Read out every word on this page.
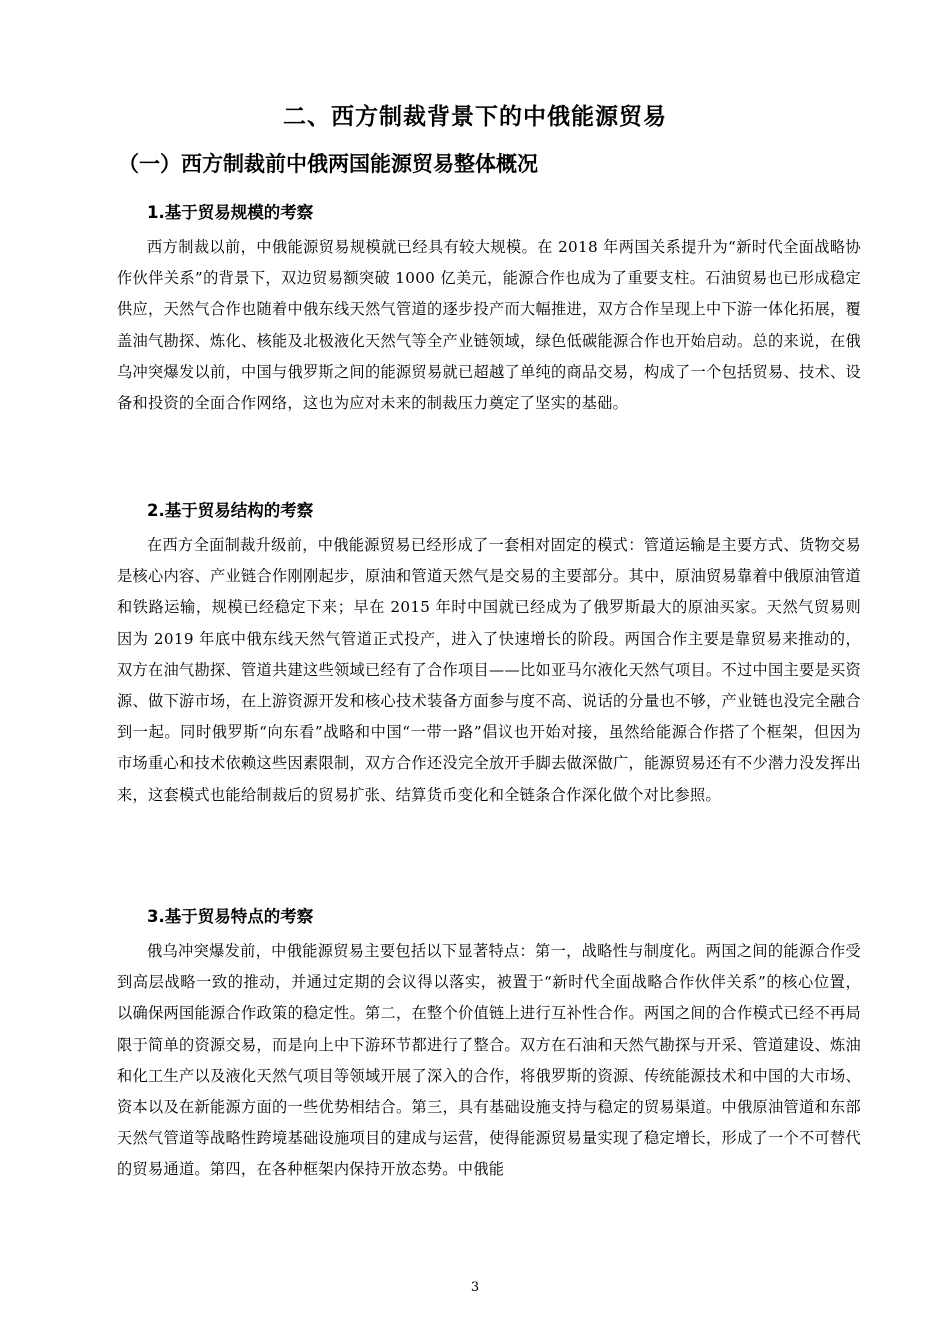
二、西方制裁背景下的中俄能源贸易
（一）西方制裁前中俄两国能源贸易整体概况
1.基于贸易规模的考察

西方制裁以前，中俄能源贸易规模就已经具有较大规模。在 2018 年两国关系提升为“新时代全面战略协作伙伴关系”的背景下，双边贸易额突破 1000 亿美元，能源合作也成为了重要支柱。石油贸易也已形成稳定供应，天然气合作也随着中俄东线天然气管道的逐步投产而大幅推进，双方合作呈现上中下游一体化拓展，覆盖油气勘探、炼化、核能及北极液化天然气等全产业链领域，绿色低碳能源合作也开始启动。总的来说，在俄乌冲突爆发以前，中国与俄罗斯之间的能源贸易就已超越了单纯的商品交易，构成了一个包括贸易、技术、设备和投资的全面合作网络，这也为应对未来的制裁压力奠定了坚实的基础。

2.基于贸易结构的考察

在西方全面制裁升级前，中俄能源贸易已经形成了一套相对固定的模式：管道运输是主要方式、货物交易是核心内容、产业链合作刚刚起步，原油和管道天然气是交易的主要部分。其中，原油贸易靠着中俄原油管道和铁路运输，规模已经稳定下来；早在 2015 年时中国就已经成为了俄罗斯最大的原油买家。天然气贸易则因为 2019 年底中俄东线天然气管道正式投产，进入了快速增长的阶段。两国合作主要是靠贸易来推动的，双方在油气勘探、管道共建这些领域已经有了合作项目——比如亚马尔液化天然气项目。不过中国主要是买资源、做下游市场，在上游资源开发和核心技术装备方面参与度不高、说话的分量也不够，产业链也没完全融合到一起。同时俄罗斯“向东看”战略和中国“一带一路”倡议也开始对接，虽然给能源合作搭了个框架，但因为市场重心和技术依赖这些因素限制，双方合作还没完全放开手脚去做深做广，能源贸易还有不少潜力没发挥出来，这套模式也能给制裁后的贸易扩张、结算货币变化和全链条合作深化做个对比参照。

3.基于贸易特点的考察

俄乌冲突爆发前，中俄能源贸易主要包括以下显著特点：第一，战略性与制度化。两国之间的能源合作受到高层战略一致的推动，并通过定期的会议得以落实，被置于“新时代全面战略合作伙伴关系”的核心位置，以确保两国能源合作政策的稳定性。第二，在整个价值链上进行互补性合作。两国之间的合作模式已经不再局限于简单的资源交易，而是向上中下游环节都进行了整合。双方在石油和天然气勘探与开采、管道建设、炼油和化工生产以及液化天然气项目等领域开展了深入的合作，将俄罗斯的资源、传统能源技术和中国的大市场、资本以及在新能源方面的一些优势相结合。第三，具有基础设施支持与稳定的贸易渠道。中俄原油管道和东部天然气管道等战略性跨境基础设施项目的建成与运营，使得能源贸易量实现了稳定增长，形成了一个不可替代的贸易通道。第四，在各种框架内保持开放态势。中俄能

3
